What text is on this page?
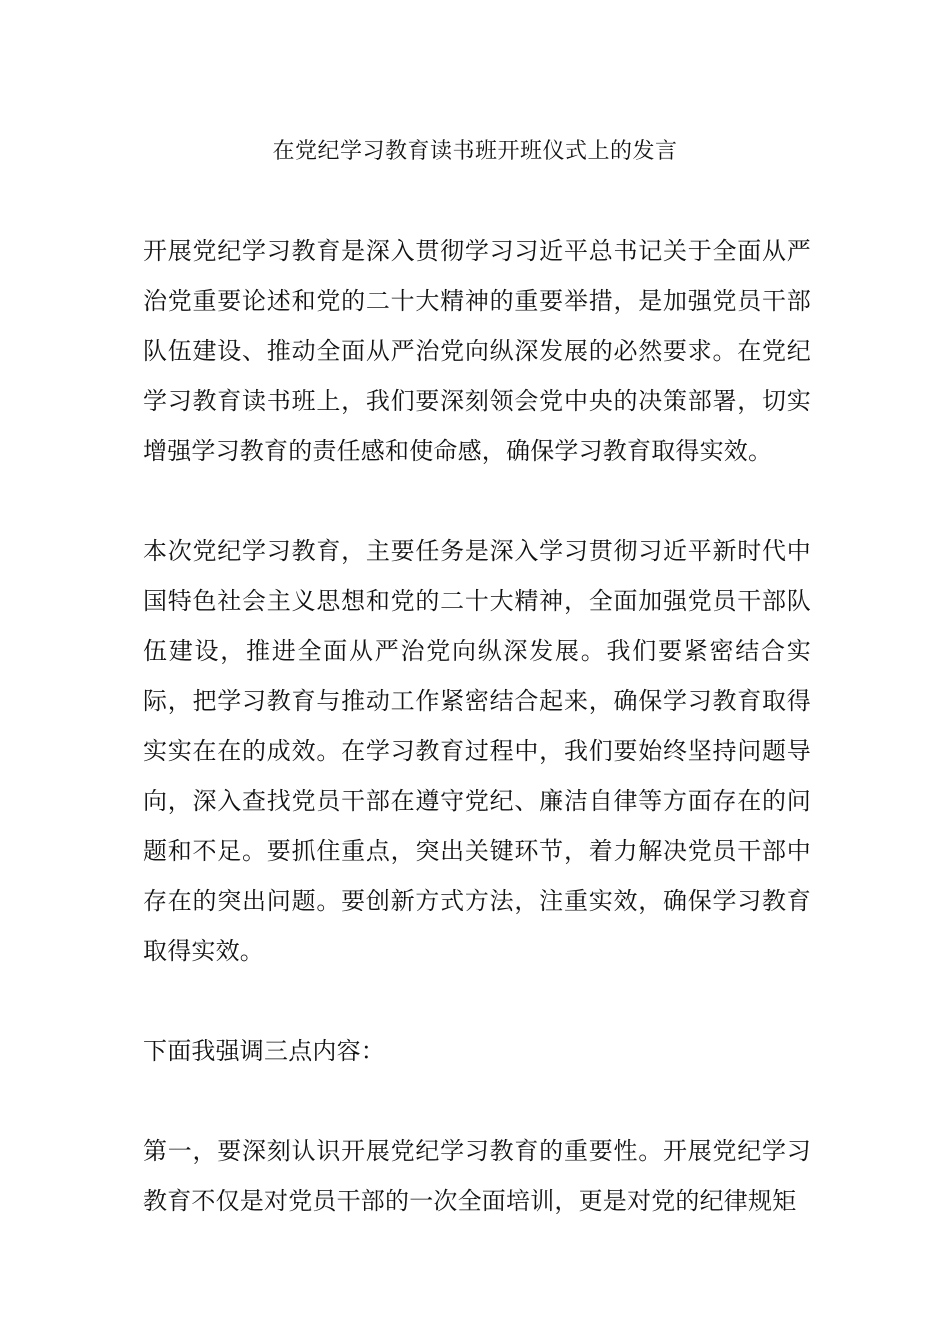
在党纪学习教育读书班开班仪式上的发言

开展党纪学习教育是深入贯彻学习习近平总书记关于全面从严治党重要论述和党的二十大精神的重要举措，是加强党员干部队伍建设、推动全面从严治党向纵深发展的必然要求。在党纪学习教育读书班上，我们要深刻领会党中央的决策部署，切实增强学习教育的责任感和使命感，确保学习教育取得实效。

本次党纪学习教育，主要任务是深入学习贯彻习近平新时代中国特色社会主义思想和党的二十大精神，全面加强党员干部队伍建设，推进全面从严治党向纵深发展。我们要紧密结合实际，把学习教育与推动工作紧密结合起来，确保学习教育取得实实在在的成效。在学习教育过程中，我们要始终坚持问题导向，深入查找党员干部在遵守党纪、廉洁自律等方面存在的问题和不足。要抓住重点，突出关键环节，着力解决党员干部中存在的突出问题。要创新方式方法，注重实效，确保学习教育取得实效。

下面我强调三点内容：

第一，要深刻认识开展党纪学习教育的重要性。开展党纪学习教育不仅是对党员干部的一次全面培训，更是对党的纪律规矩
